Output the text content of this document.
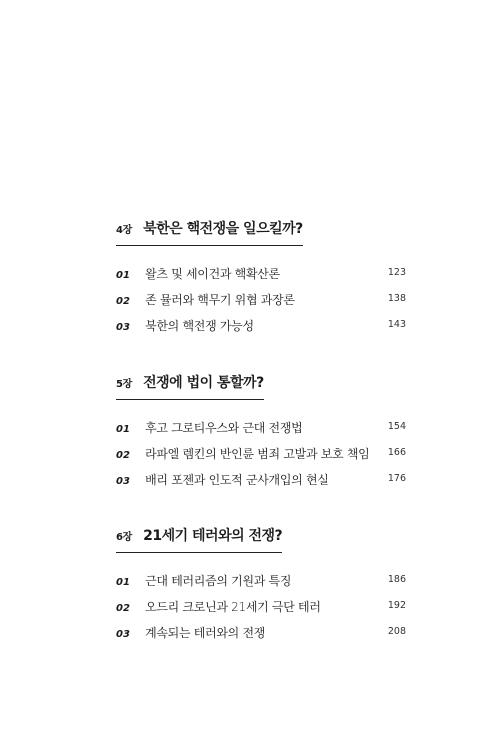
4장 북한은 핵전쟁을 일으킬까?
01 왈츠 및 세이건과 핵확산론	123
02 존 뮬러와 핵무기 위협 과장론	138
03 북한의 핵전쟁 가능성	143
5장 전쟁에 법이 통할까?
01 후고 그로티우스와 근대 전쟁법	154
02 라파엘 렘킨의 반인륜 범죄 고발과 보호 책임 166
03 배리 포젠과 인도적 군사개입의 현실	176
6장 21세기 테러와의 전쟁?
01 근대 테러리즘의 기원과 특징	186
02 오드리 크로닌과 21세기 극단 테러	192
03 계속되는 테러와의 전쟁	208
